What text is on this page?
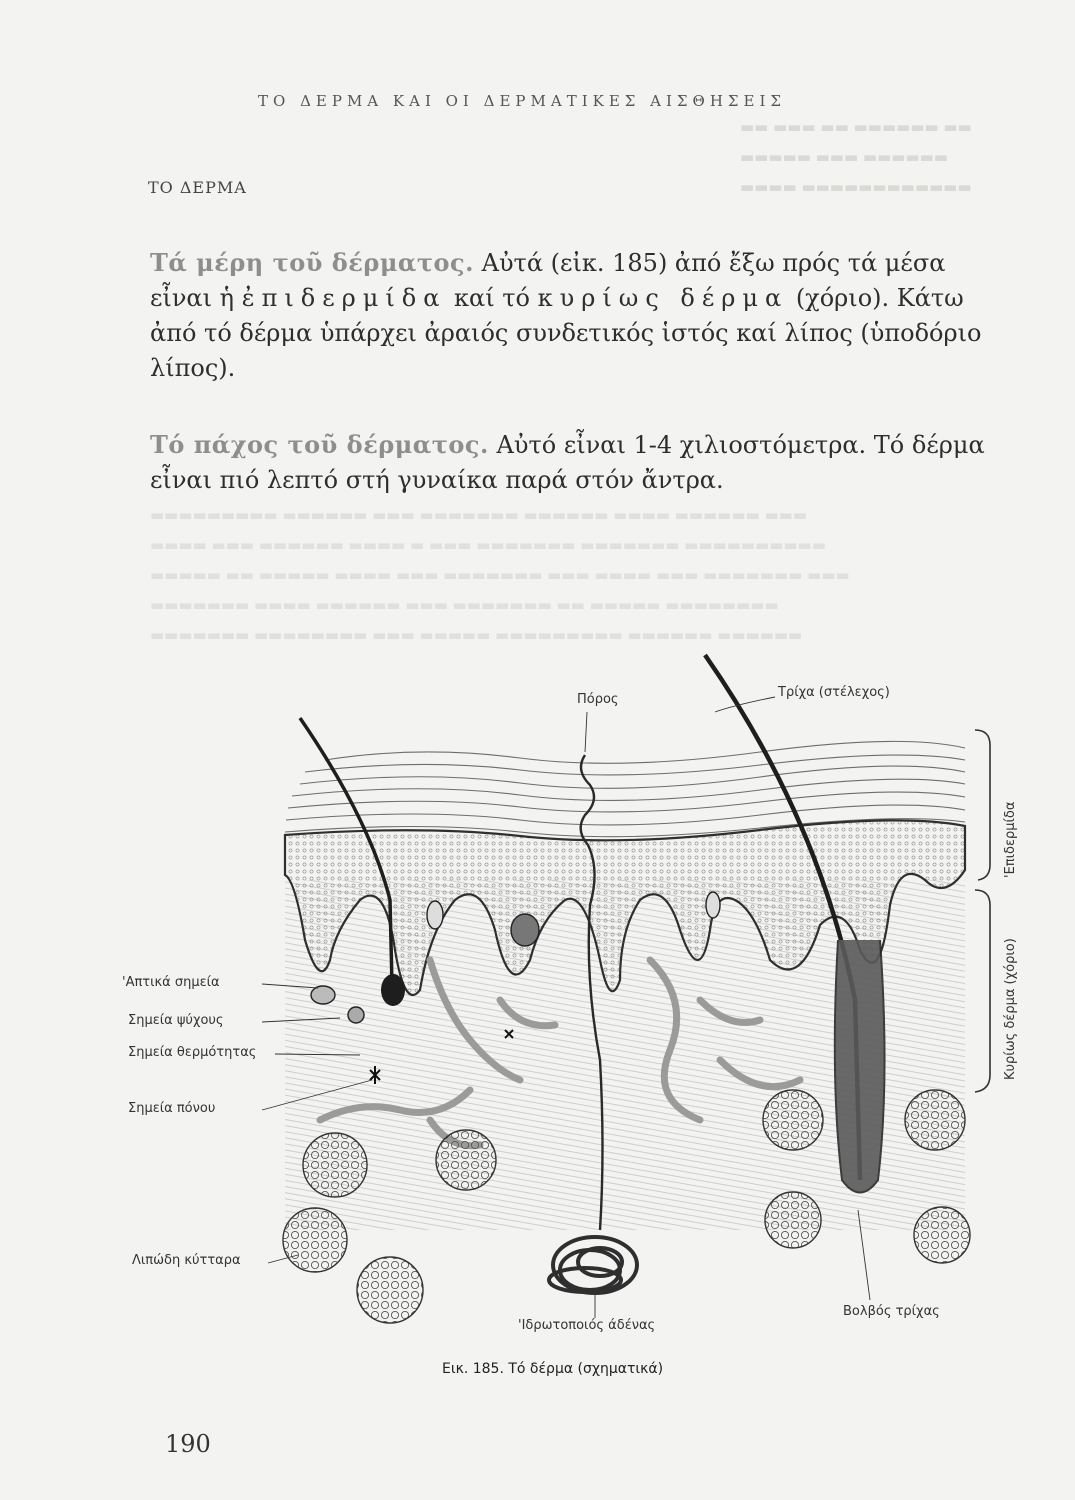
▬▬ ▬▬▬ ▬▬ ▬▬▬▬▬▬ ▬▬
▬▬▬▬▬ ▬▬▬ ▬▬▬▬▬▬
▬▬▬▬ ▬▬▬▬▬▬▬▬▬▬▬▬
▬▬▬▬▬▬▬▬▬ ▬▬▬▬▬▬ ▬▬▬ ▬▬▬▬▬▬▬ ▬▬▬▬▬▬ ▬▬▬▬ ▬▬▬▬▬▬ ▬▬▬
▬▬▬▬ ▬▬▬ ▬▬▬▬▬▬ ▬▬▬▬ ▬ ▬▬▬ ▬▬▬▬▬▬▬ ▬▬▬▬▬▬▬ ▬▬▬▬▬▬▬▬▬▬
▬▬▬▬▬ ▬▬ ▬▬▬▬▬ ▬▬▬▬ ▬▬▬ ▬▬▬▬▬▬▬ ▬▬▬ ▬▬▬▬ ▬▬▬ ▬▬▬▬▬▬▬ ▬▬▬
▬▬▬▬▬▬▬ ▬▬▬▬ ▬▬▬▬▬▬ ▬▬▬ ▬▬▬▬▬▬▬ ▬▬ ▬▬▬▬▬ ▬▬▬▬▬▬▬▬
▬▬▬▬▬▬▬ ▬▬▬▬▬▬▬▬ ▬▬▬ ▬▬▬▬▬ ▬▬▬▬▬▬▬▬▬ ▬▬▬▬▬▬ ▬▬▬▬▬▬
ΤΟ ΔΕΡΜΑ ΚΑΙ ΟΙ ΔΕΡΜΑΤΙΚΕΣ ΑΙΣΘΗΣΕΙΣ
ΤΟ ΔΕΡΜΑ
Τά μέρη τοῦ δέρματος. Αὐτά (εἰκ. 185) ἀπό ἔξω πρός τά μέσα εἶναι ἡ ἐπιδερμίδα καί τό κυρίως δέρμα (χόριο). Κάτω ἀπό τό δέρμα ὑπάρχει ἀραιός συνδετικός ἱστός καί λίπος (ὑποδόριο λίπος).
Τό πάχος τοῦ δέρματος. Αὐτό εἶναι 1-4 χιλιοστόμετρα. Τό δέρμα εἶναι πιό λεπτό στή γυναίκα παρά στόν ἄντρα.
Πόρος	Τρίχα (στέλεχος)
'Απτικά σημεία
Σημεία ψύχους
Σημεία θερμότητας
Σημεία πόνου
Λιπώδη κύτταρα
'Ιδρωτοποιός άδένας
Βολβός τρίχας
'Επιδερμίδα
Κυρίως δέρμα (χόριο)
Εικ. 185. Τό δέρμα (σχηματικά)
190
